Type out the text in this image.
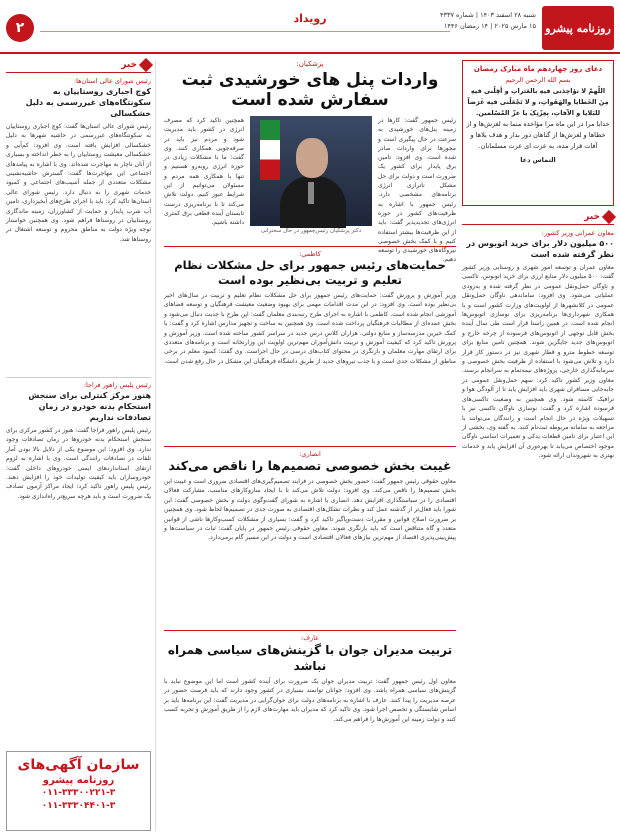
روزنامه پیشرو
شنبه ۲۸ اسفند ۱۴۰۳ | شماره ۴۳۳۷
۱۵ مارس ۲۰۲۵ | ۱۴ رمضان ۱۴۴۶
رویداد
۲
دعای روز چهاردهم ماه مبارک رمضان
بسم الله الرحمن الرحیم
اللّهمّ لا تؤاخِذنی فیهِ بالعَثراتِ و أقِلْنی فیهِ مِنَ الخَطایا والهَفَواتِ، و لا تَجْعَلْنی فیه غَرَضاً للبَلایا و الآفاتِ، بِعِزّتِکَ یا عزّ المُسْلمین.
خدایا مرا در این ماه مرا مؤاخذه منما به لغزش‌ها و از خطاها و لغزش‌ها از گناهان دور بدار و هدف بلاها و آفات قرار مده، به عزت ای عزت مسلمانان.
التماس دعا
خبر
معاون عمرانی وزیر کشور:
۵۰۰ میلیون دلار برای خرید اتوبوس در نظر گرفته شده است
معاون عمران و توسعه امور شهری و روستایی وزیر کشور گفت: ۵۰۰ میلیون دلار منابع ارزی برای خرید اتوبوس، تاکسی و ناوگان حمل‌ونقل عمومی در نظر گرفته شده و به‌زودی عملیاتی می‌شود. وی افزود: ساماندهی ناوگان حمل‌ونقل عمومی در کلانشهرها از اولویت‌های وزارت کشور است و با همکاری شهرداری‌ها برنامه‌ریزی برای نوسازی اتوبوس‌ها انجام شده است. در همین راستا قرار است طی سال آینده بخش قابل توجهی از اتوبوس‌های فرسوده از چرخه خارج و اتوبوس‌های جدید جایگزین شوند. همچنین تامین منابع برای توسعه خطوط مترو و قطار شهری نیز در دستور کار قرار دارد و تلاش می‌شود با استفاده از ظرفیت بخش خصوصی و سرمایه‌گذاری خارجی، پروژه‌های نیمه‌تمام به سرانجام برسند. معاون وزیر کشور تاکید کرد: سهم حمل‌ونقل عمومی در جابه‌جایی مسافران شهری باید افزایش یابد تا از آلودگی هوا و ترافیک کاسته شود. وی همچنین به وضعیت تاکسی‌های فرسوده اشاره کرد و گفت: نوسازی ناوگان تاکسی نیز با تسهیلات ویژه در حال انجام است و رانندگان می‌توانند با مراجعه به سامانه مربوطه ثبت‌نام کنند. به گفته وی، بخشی از این اعتبار برای تامین قطعات یدکی و تعمیرات اساسی ناوگان موجود اختصاص می‌یابد تا بهره‌وری آن افزایش یابد و خدمات بهتری به شهروندان ارائه شود.
پزشکیان:
واردات پنل های خورشیدی ثبت سفارش شده است
رئیس جمهور گفت: کارها در زمینه پنل‌های خورشیدی به سرعت در حال پیگیری است و مجوزها برای واردات صادر شده است. وی افزود: تامین برق پایدار برای کشور یک ضرورت است و دولت برای حل مشکل ناترازی انرژی برنامه‌های مشخصی دارد. رئیس جمهور با اشاره به ظرفیت‌های کشور در حوزه انرژی‌های تجدیدپذیر گفت: باید از این ظرفیت‌ها بیشتر استفاده کنیم و با کمک بخش خصوصی نیروگاه‌های خورشیدی را توسعه دهیم.
دکتر پزشکیان رئیس‌جمهور در حال سخنرانی
همچنین تاکید کرد که مصرف انرژی در کشور باید مدیریت شود و مردم نیز باید در صرفه‌جویی همکاری کنند. وی گفت: ما با مشکلات زیادی در حوزه انرژی روبه‌رو هستیم و تنها با همکاری همه مردم و مسئولان می‌توانیم از این شرایط عبور کنیم. دولت تلاش می‌کند تا با برنامه‌ریزی درست تابستان آینده قطعی برق کمتری داشته باشیم.
کاظمی:
حمایت‌های رئیس جمهور برای حل مشکلات نظام تعلیم و تربیت بی‌نظیر بوده است
وزیر آموزش و پرورش گفت: حمایت‌های رئیس جمهور برای حل مشکلات نظام تعلیم و تربیت در سال‌های اخیر بی‌نظیر بوده است. وی افزود: در این مدت اقدامات مهمی برای بهبود وضعیت معیشت فرهنگیان و توسعه فضاهای آموزشی انجام شده است. کاظمی با اشاره به اجرای طرح رتبه‌بندی معلمان گفت: این طرح با جدیت دنبال می‌شود و بخش عمده‌ای از مطالبات فرهنگیان پرداخت شده است. وی همچنین به ساخت و تجهیز مدارس اشاره کرد و گفت: با کمک خیرین مدرسه‌ساز و منابع دولتی، هزاران کلاس درس جدید در سراسر کشور ساخته شده است. وزیر آموزش و پرورش تاکید کرد که کیفیت آموزش و تربیت دانش‌آموزان مهم‌ترین اولویت این وزارتخانه است و برنامه‌های متعددی برای ارتقای مهارت معلمان و بازنگری در محتوای کتاب‌های درسی در حال اجراست. وی گفت: کمبود معلم در برخی مناطق از مشکلات جدی است و با جذب نیروهای جدید از طریق دانشگاه فرهنگیان این مشکل در حال رفع شدن است.
انصاری:
غیبت بخش خصوصی تصمیم‌ها را ناقص می‌کند
معاون حقوقی رئیس جمهور گفت: حضور بخش خصوصی در فرایند تصمیم‌گیری‌های اقتصادی ضروری است و غیبت این بخش تصمیم‌ها را ناقص می‌کند. وی افزود: دولت تلاش می‌کند تا با ایجاد سازوکارهای مناسب، مشارکت فعالان اقتصادی را در سیاستگذاری افزایش دهد. انصاری با اشاره به شورای گفت‌وگوی دولت و بخش خصوصی گفت: این شورا باید فعال‌تر از گذشته عمل کند و نظرات تشکل‌های اقتصادی به صورت جدی در تصمیم‌ها لحاظ شود. وی همچنین بر ضرورت اصلاح قوانین و مقررات دست‌وپاگیر تاکید کرد و گفت: بسیاری از مشکلات کسب‌وکارها ناشی از قوانین متعدد و گاه متناقض است که باید بازنگری شوند. معاون حقوقی رئیس جمهور در پایان گفت: ثبات در سیاست‌ها و پیش‌بینی‌پذیری اقتصاد از مهم‌ترین نیازهای فعالان اقتصادی است و دولت در این مسیر گام برمی‌دارد.
عارف:
تربیت مدیران جوان با گزینش‌های سیاسی همراه نباشد
معاون اول رئیس جمهور گفت: تربیت مدیران جوان یک ضرورت برای آینده کشور است اما این موضوع نباید با گزینش‌های سیاسی همراه باشد. وی افزود: جوانان توانمند بسیاری در کشور وجود دارند که باید فرصت حضور در عرصه مدیریت را پیدا کنند. عارف با اشاره به برنامه‌های دولت برای جوان‌گرایی در مدیریت گفت: این برنامه‌ها باید بر اساس شایستگی و تخصص اجرا شود. وی تاکید کرد که مدیران باید مهارت‌های لازم را از طریق آموزش و تجربه کسب کنند و دولت زمینه این آموزش‌ها را فراهم می‌کند.
خبر
رئیس شورای عالی استان‌ها:
کوچ اجباری روستاییان به سکونتگاه‌های غیررسمی به دلیل خشکسالی
رئیس شورای عالی استان‌ها گفت: کوچ اجباری روستاییان به سکونتگاه‌های غیررسمی در حاشیه شهرها به دلیل خشکسالی افزایش یافته است. وی افزود: کم‌آبی و خشکسالی معیشت روستاییان را به خطر انداخته و بسیاری از آنان ناچار به مهاجرت شده‌اند. وی با اشاره به پیامدهای اجتماعی این مهاجرت‌ها گفت: گسترش حاشیه‌نشینی مشکلات متعددی از جمله آسیب‌های اجتماعی و کمبود خدمات شهری را به دنبال دارد. رئیس شورای عالی استان‌ها تاکید کرد: باید با اجرای طرح‌های آبخیزداری، تامین آب شرب پایدار و حمایت از کشاورزان، زمینه ماندگاری روستاییان در روستاها فراهم شود. وی همچنین خواستار توجه ویژه دولت به مناطق محروم و توسعه اشتغال در روستاها شد.
رئیس پلیس راهور فراجا:
هنوز مرکز کنترلی برای سنجش استحکام بدنه خودرو در زمان تصادفات نداریم
رئیس پلیس راهور فراجا گفت: هنوز در کشور مرکزی برای سنجش استحکام بدنه خودروها در زمان تصادفات وجود ندارد. وی افزود: این موضوع یکی از دلایل بالا بودن آمار تلفات در تصادفات رانندگی است. وی با اشاره به لزوم ارتقای استانداردهای ایمنی خودروهای داخلی گفت: خودروسازان باید کیفیت تولیدات خود را افزایش دهند. رئیس پلیس راهور تاکید کرد: ایجاد مراکز آزمون تصادف یک ضرورت است و باید هرچه سریع‌تر راه‌اندازی شود.
سازمان آگهی‌های
روزنامه پیشرو
۰۱۱-۳۳۳۰۰۲۲۱-۳
۰۱۱-۳۳۳۰۴۴۰۱-۳
